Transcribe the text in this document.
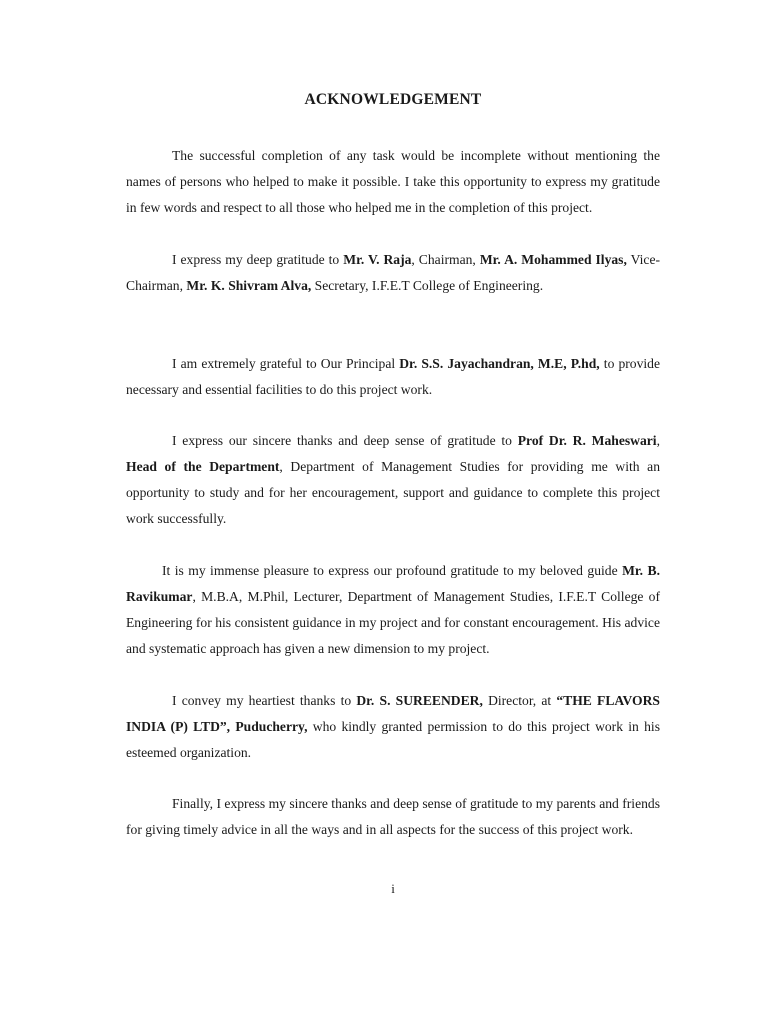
ACKNOWLEDGEMENT

The successful completion of any task would be incomplete without mentioning the names of persons who helped to make it possible. I take this opportunity to express my gratitude in few words and respect to all those who helped me in the completion of this project.

I express my deep gratitude to Mr. V. Raja, Chairman, Mr. A. Mohammed Ilyas, Vice-Chairman, Mr. K. Shivram Alva, Secretary, I.F.E.T College of Engineering.

I am extremely grateful to Our Principal Dr. S.S. Jayachandran, M.E, P.hd, to provide necessary and essential facilities to do this project work.

I express our sincere thanks and deep sense of gratitude to Prof Dr. R. Maheswari, Head of the Department, Department of Management Studies for providing me with an opportunity to study and for her encouragement, support and guidance to complete this project work successfully.

It is my immense pleasure to express our profound gratitude to my beloved guide Mr. B. Ravikumar, M.B.A, M.Phil, Lecturer, Department of Management Studies, I.F.E.T College of Engineering for his consistent guidance in my project and for constant encouragement. His advice and systematic approach has given a new dimension to my project.

I convey my heartiest thanks to Dr. S. SUREENDER, Director, at “THE FLAVORS INDIA (P) LTD”, Puducherry, who kindly granted permission to do this project work in his esteemed organization.

Finally, I express my sincere thanks and deep sense of gratitude to my parents and friends for giving timely advice in all the ways and in all aspects for the success of this project work.

i
